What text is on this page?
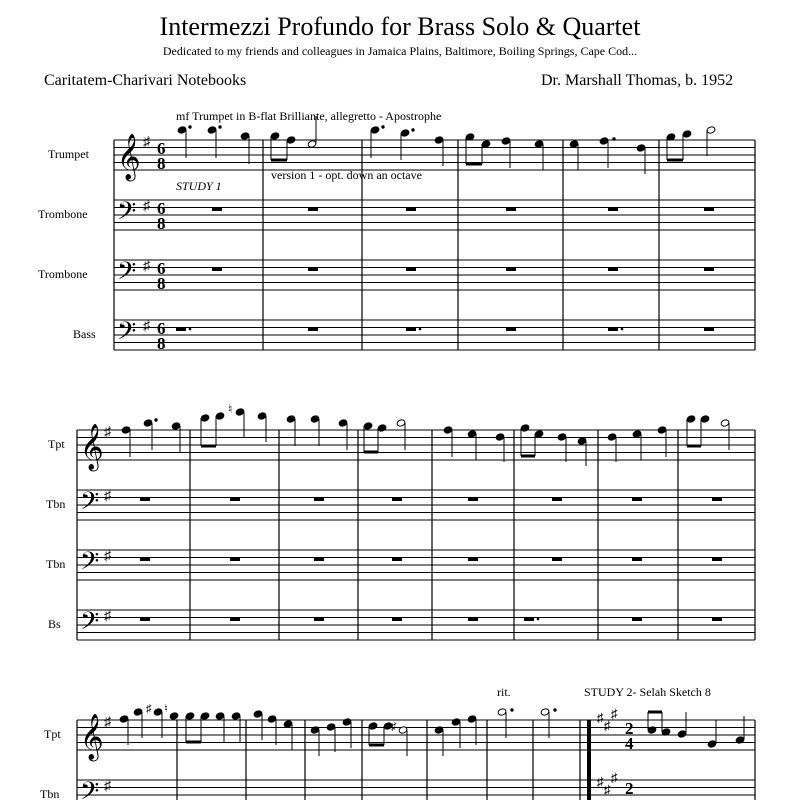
Intermezzi Profundo for Brass Solo & Quartet
Dedicated to my friends and colleagues in Jamaica Plains, Baltimore, Boiling Springs, Cape Cod...
Caritatem-Charivari Notebooks	Dr. Marshall Thomas, b. 1952
Trumpet
Trombone
Trombone
Bass
𝄞
𝄢
𝄢
𝄢
♯
♯
♯
♯
6
8
6
8
6
8
6
8
mf Trumpet in B-flat Brilliante, allegretto - Apostrophe
STUDY 1
version 1 - opt. down an octave
Tpt
Tbn
Tbn
Bs
𝄞
𝄢
𝄢
𝄢
♯
♯
♯
♯
♮
Tpt
Tbn
𝄞
𝄢
♯
♯
rit.	STUDY 2- Selah Sketch 8
♯
♯
♯
♯
♯
♯
2
4
2
♯ ♮
♯
